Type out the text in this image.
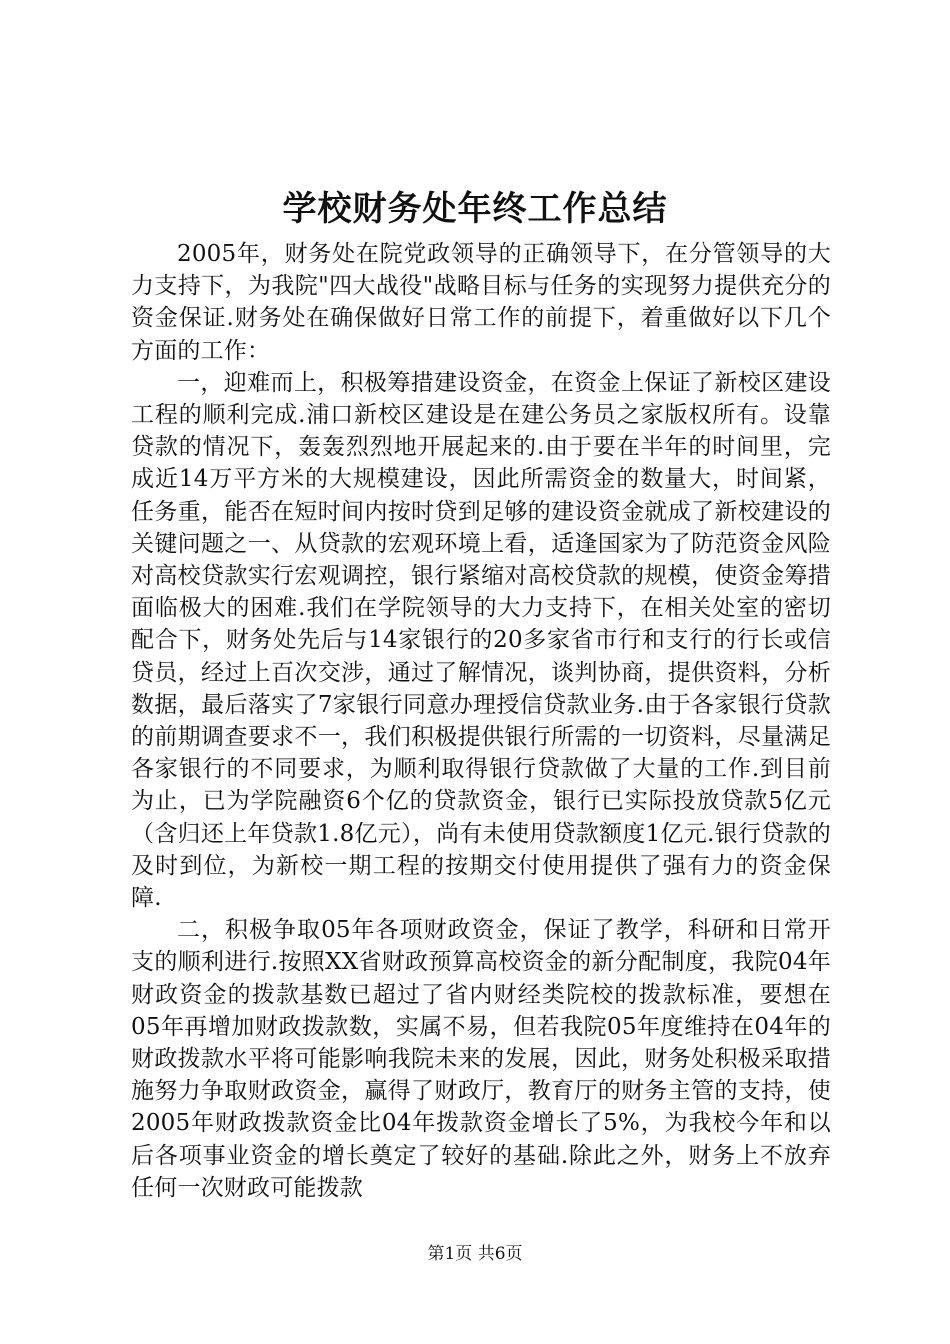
学校财务处年终工作总结

2005年，财务处在院党政领导的正确领导下，在分管领导的大力支持下，为我院"四大战役"战略目标与任务的实现努力提供充分的资金保证.财务处在确保做好日常工作的前提下，着重做好以下几个方面的工作：

一，迎难而上，积极筹措建设资金，在资金上保证了新校区建设工程的顺利完成.浦口新校区建设是在建公务员之家版权所有。设靠贷款的情况下，轰轰烈烈地开展起来的.由于要在半年的时间里，完成近14万平方米的大规模建设，因此所需资金的数量大，时间紧，任务重，能否在短时间内按时贷到足够的建设资金就成了新校建设的关键问题之一、从贷款的宏观环境上看，适逢国家为了防范资金风险对高校贷款实行宏观调控，银行紧缩对高校贷款的规模，使资金筹措面临极大的困难.我们在学院领导的大力支持下，在相关处室的密切配合下，财务处先后与14家银行的20多家省市行和支行的行长或信贷员，经过上百次交涉，通过了解情况，谈判协商，提供资料，分析数据，最后落实了7家银行同意办理授信贷款业务.由于各家银行贷款的前期调查要求不一，我们积极提供银行所需的一切资料，尽量满足各家银行的不同要求，为顺利取得银行贷款做了大量的工作.到目前为止，已为学院融资6个亿的贷款资金，银行已实际投放贷款5亿元（含归还上年贷款1.8亿元），尚有未使用贷款额度1亿元.银行贷款的及时到位，为新校一期工程的按期交付使用提供了强有力的资金保障.

二，积极争取05年各项财政资金，保证了教学，科研和日常开支的顺利进行.按照XX省财政预算高校资金的新分配制度，我院04年财政资金的拨款基数已超过了省内财经类院校的拨款标准，要想在05年再增加财政拨款数，实属不易，但若我院05年度维持在04年的财政拨款水平将可能影响我院未来的发展，因此，财务处积极采取措施努力争取财政资金，赢得了财政厅，教育厅的财务主管的支持，使2005年财政拨款资金比04年拨款资金增长了5%，为我校今年和以后各项事业资金的增长奠定了较好的基础.除此之外，财务上不放弃任何一次财政可能拨款

第1页 共6页
